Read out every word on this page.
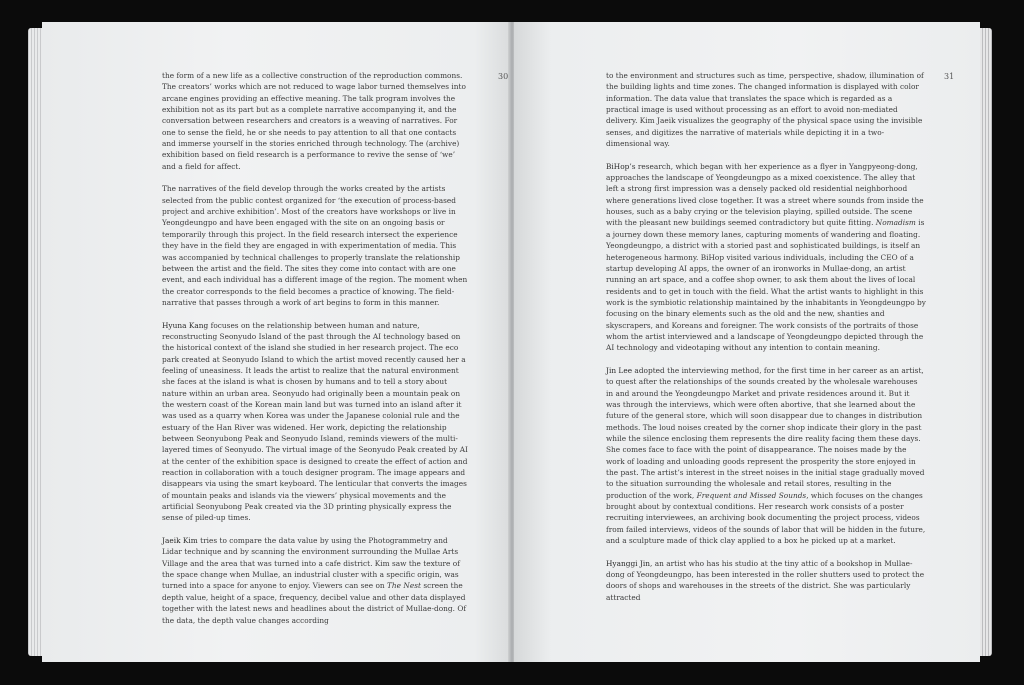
30

the form of a new life as a collective construction of the reproduction commons. The creators’ works which are not reduced to wage labor turned themselves into arcane engines providing an effective meaning. The talk program involves the exhibition not as its part but as a complete narrative accompanying it, and the conversation between researchers and creators is a weaving of narratives. For one to sense the field, he or she needs to pay attention to all that one contacts and immerse yourself in the stories enriched through technology. The (archive) exhibition based on field research is a performance to revive the sense of ‘we’ and a field for affect.

The narratives of the field develop through the works created by the artists selected from the public contest organized for ‘the execution of process-based project and archive exhibition’. Most of the creators have workshops or live in Yeongdeungpo and have been engaged with the site on an ongoing basis or temporarily through this project. In the field research intersect the experience they have in the field they are engaged in with experimentation of media. This was accompanied by technical challenges to properly translate the relationship between the artist and the field. The sites they come into contact with are one event, and each individual has a different image of the region. The moment when the creator corresponds to the field becomes a practice of knowing. The field-narrative that passes through a work of art begins to form in this manner.

Hyuna Kang focuses on the relationship between human and nature, reconstructing Seonyudo Island of the past through the AI technology based on the historical context of the island she studied in her research project. The eco park created at Seonyudo Island to which the artist moved recently caused her a feeling of uneasiness. It leads the artist to realize that the natural environment she faces at the island is what is chosen by humans and to tell a story about nature within an urban area. Seonyudo had originally been a mountain peak on the western coast of the Korean main land but was turned into an island after it was used as a quarry when Korea was under the Japanese colonial rule and the estuary of the Han River was widened. Her work, depicting the relationship between Seonyubong Peak and Seonyudo Island, reminds viewers of the multi-layered times of Seonyudo. The virtual image of the Seonyudo Peak created by AI at the center of the exhibition space is designed to create the effect of action and reaction in collaboration with a touch designer program. The image appears and disappears via using the smart keyboard. The lenticular that converts the images of mountain peaks and islands via the viewers’ physical movements and the artificial Seonyubong Peak created via the 3D printing physically express the sense of piled-up times.

Jaeik Kim tries to compare the data value by using the Photogrammetry and Lidar technique and by scanning the environment surrounding the Mullae Arts Village and the area that was turned into a cafe district. Kim saw the texture of the space change when Mullae, an industrial cluster with a specific origin, was turned into a space for anyone to enjoy. Viewers can see on The Nest screen the depth value, height of a space, frequency, decibel value and other data displayed together with the latest news and headlines about the district of Mullae-dong. Of the data, the depth value changes according

31

to the environment and structures such as time, perspective, shadow, illumination of the building lights and time zones. The changed information is displayed with color information. The data value that translates the space which is regarded as a practical image is used without processing as an effort to avoid non-mediated delivery. Kim Jaeik visualizes the geography of the physical space using the invisible senses, and digitizes the narrative of materials while depicting it in a two-dimensional way.

BiHop’s research, which began with her experience as a flyer in Yangpyeong-dong, approaches the landscape of Yeongdeungpo as a mixed coexistence. The alley that left a strong first impression was a densely packed old residential neighborhood where generations lived close together. It was a street where sounds from inside the houses, such as a baby crying or the television playing, spilled outside. The scene with the pleasant new buildings seemed contradictory but quite fitting. Nomadism is a journey down these memory lanes, capturing moments of wandering and floating. Yeongdeungpo, a district with a storied past and sophisticated buildings, is itself an heterogeneous harmony. BiHop visited various individuals, including the CEO of a startup developing AI apps, the owner of an ironworks in Mullae-dong, an artist running an art space, and a coffee shop owner, to ask them about the lives of local residents and to get in touch with the field. What the artist wants to highlight in this work is the symbiotic relationship maintained by the inhabitants in Yeongdeungpo by focusing on the binary elements such as the old and the new, shanties and skyscrapers, and Koreans and foreigner. The work consists of the portraits of those whom the artist interviewed and a landscape of Yeongdeungpo depicted through the AI technology and videotaping without any intention to contain meaning.

Jin Lee adopted the interviewing method, for the first time in her career as an artist, to quest after the relationships of the sounds created by the wholesale warehouses in and around the Yeongdeungpo Market and private residences around it. But it was through the interviews, which were often abortive, that she learned about the future of the general store, which will soon disappear due to changes in distribution methods. The loud noises created by the corner shop indicate their glory in the past while the silence enclosing them represents the dire reality facing them these days. She comes face to face with the point of disappearance. The noises made by the work of loading and unloading goods represent the prosperity the store enjoyed in the past. The artist’s interest in the street noises in the initial stage gradually moved to the situation surrounding the wholesale and retail stores, resulting in the production of the work, Frequent and Missed Sounds, which focuses on the changes brought about by contextual conditions. Her research work consists of a poster recruiting interviewees, an archiving book documenting the project process, videos from failed interviews, videos of the sounds of labor that will be hidden in the future, and a sculpture made of thick clay applied to a box he picked up at a market.

Hyanggi Jin, an artist who has his studio at the tiny attic of a bookshop in Mullae-dong of Yeongdeungpo, has been interested in the roller shutters used to protect the doors of shops and warehouses in the streets of the district. She was particularly attracted
